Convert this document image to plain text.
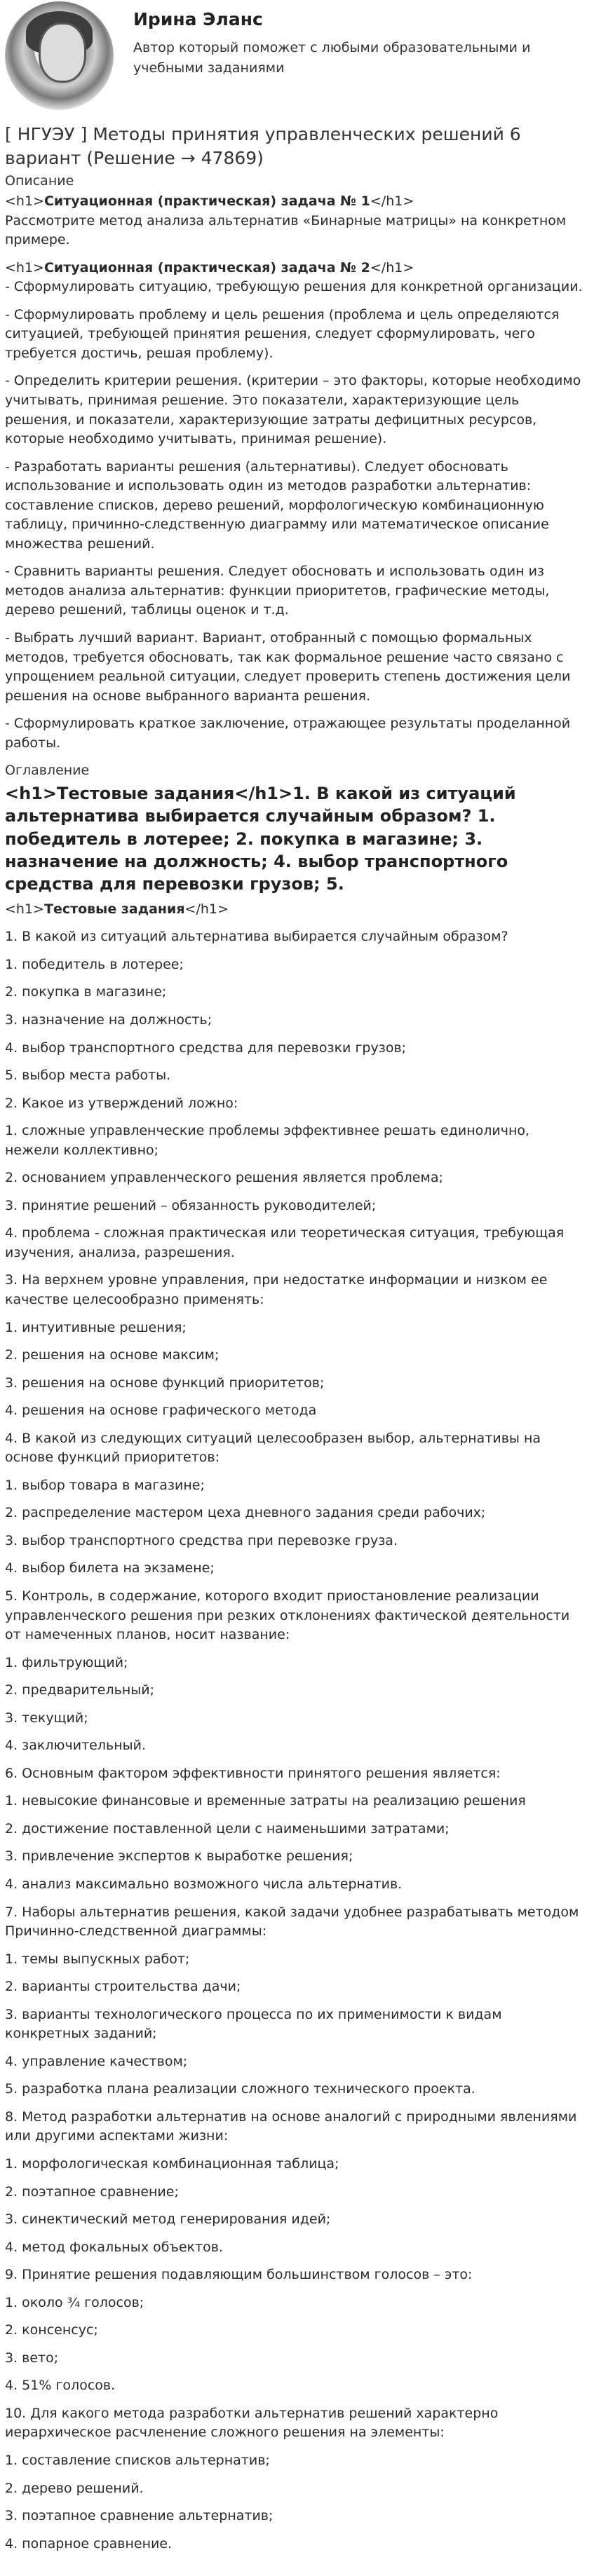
Ирина Эланс
Автор который поможет с любыми образовательными и учебными заданиями
[ НГУЭУ ] Методы принятия управленческих решений 6 вариант (Решение → 47869)
Описание

<h1>Ситуационная (практическая) задача № 1</h1>

Рассмотрите метод анализа альтернатив «Бинарные матрицы» на конкретном примере.

<h1>Ситуационная (практическая) задача № 2</h1>

- Сформулировать ситуацию, требующую решения для конкретной организации.

- Сформулировать проблему и цель решения (проблема и цель определяются ситуацией, требующей принятия решения, следует сформулировать, чего требуется достичь, решая проблему).

- Определить критерии решения. (критерии – это факторы, которые необходимо учитывать, принимая решение. Это показатели, характеризующие цель решения, и показатели, характеризующие затраты дефицитных ресурсов, которые необходимо учитывать, принимая решение).

- Разработать варианты решения (альтернативы). Следует обосновать использование и использовать один из методов разработки альтернатив: составление списков, дерево решений, морфологическую комбинационную таблицу, причинно-следственную диаграмму или математическое описание множества решений.

- Сравнить варианты решения. Следует обосновать и использовать один из методов анализа альтернатив: функции приоритетов, графические методы, дерево решений, таблицы оценок и т.д.

- Выбрать лучший вариант. Вариант, отобранный с помощью формальных методов, требуется обосновать, так как формальное решение часто связано с упрощением реальной ситуации, следует проверить степень достижения цели решения на основе выбранного варианта решения.

- Сформулировать краткое заключение, отражающее результаты проделанной работы.

Оглавление
<h1>Тестовые задания</h1>1. В какой из ситуаций альтернатива выбирается случайным образом? 1. победитель в лотерее; 2. покупка в магазине; 3. назначение на должность; 4. выбор транспортного средства для перевозки грузов; 5.

<h1>Тестовые задания</h1>

1. В какой из ситуаций альтернатива выбирается случайным образом?

1. победитель в лотерее;

2. покупка в магазине;

3. назначение на должность;

4. выбор транспортного средства для перевозки грузов;

5. выбор места работы.

2. Какое из утверждений ложно:

1. сложные управленческие проблемы эффективнее решать единолично, нежели коллективно;

2. основанием управленческого решения является проблема;

3. принятие решений – обязанность руководителей;

4. проблема - сложная практическая или теоретическая ситуация, требующая изучения, анализа, разрешения.

3. На верхнем уровне управления, при недостатке информации и низком ее качестве целесообразно применять:

1. интуитивные решения;

2. решения на основе максим;

3. решения на основе функций приоритетов;

4. решения на основе графического метода

4. В какой из следующих ситуаций целесообразен выбор, альтернативы на основе функций приоритетов:

1. выбор товара в магазине;

2. распределение мастером цеха дневного задания среди рабочих;

3. выбор транспортного средства при перевозке груза.

4. выбор билета на экзамене;

5. Контроль, в содержание, которого входит приостановление реализации управленческого решения при резких отклонениях фактической деятельности от намеченных планов, носит название:

1. фильтрующий;

2. предварительный;

3. текущий;

4. заключительный.

6. Основным фактором эффективности принятого решения является:

1. невысокие финансовые и временные затраты на реализацию решения

2. достижение поставленной цели с наименьшими затратами;

3. привлечение экспертов к выработке решения;

4. анализ максимально возможного числа альтернатив.

7. Наборы альтернатив решения, какой задачи удобнее разрабатывать методом Причинно-следственной диаграммы:

1. темы выпускных работ;

2. варианты строительства дачи;

3. варианты технологического процесса по их применимости к видам конкретных заданий;

4. управление качеством;

5. разработка плана реализации сложного технического проекта.

8. Метод разработки альтернатив на основе аналогий с природными явлениями или другими аспектами жизни:

1. морфологическая комбинационная таблица;

2. поэтапное сравнение;

3. синектический метод генерирования идей;

4. метод фокальных объектов.

9. Принятие решения подавляющим большинством голосов – это:

1. около ¾ голосов;

2. консенсус;

3. вето;

4. 51% голосов.

10. Для какого метода разработки альтернатив решений характерно иерархическое расчленение сложного решения на элементы:

1. составление списков альтернатив;

2. дерево решений.

3. поэтапное сравнение альтернатив;

4. попарное сравнение.
